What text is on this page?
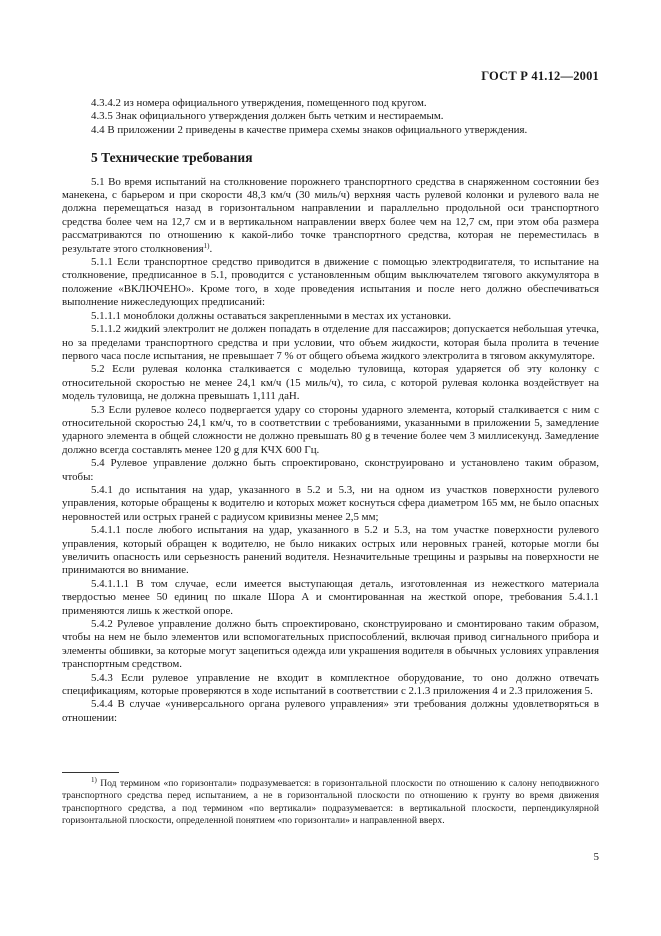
ГОСТ Р 41.12—2001

4.3.4.2 из номера официального утверждения, помещенного под кругом.

4.3.5 Знак официального утверждения должен быть четким и нестираемым.

4.4 В приложении 2 приведены в качестве примера схемы знаков официального утверждения.

5 Технические требования

5.1 Во время испытаний на столкновение порожнего транспортного средства в снаряженном состоянии без манекена, с барьером и при скорости 48,3 км/ч (30 миль/ч) верхняя часть рулевой колонки и рулевого вала не должна перемещаться назад в горизонтальном направлении и параллельно продольной оси транспортного средства более чем на 12,7 см и в вертикальном направлении вверх более чем на 12,7 см, при этом оба размера рассматриваются по отношению к какой-либо точке транспортного средства, которая не переместилась в результате этого столкновения$^{1)}$.

5.1.1 Если транспортное средство приводится в движение с помощью электродвигателя, то испытание на столкновение, предписанное в 5.1, проводится с установленным общим выключателем тягового аккумулятора в положение «ВКЛЮЧЕНО». Кроме того, в ходе проведения испытания и после него должно обеспечиваться выполнение нижеследующих предписаний:

5.1.1.1 моноблоки должны оставаться закрепленными в местах их установки.

5.1.1.2 жидкий электролит не должен попадать в отделение для пассажиров; допускается небольшая утечка, но за пределами транспортного средства и при условии, что объем жидкости, которая была пролита в течение первого часа после испытания, не превышает 7 % от общего объема жидкого электролита в тяговом аккумуляторе.

5.2 Если рулевая колонка сталкивается с моделью туловища, которая ударяется об эту колонку с относительной скоростью не менее 24,1 км/ч (15 миль/ч), то сила, с которой рулевая колонка воздействует на модель туловища, не должна превышать 1,111 даН.

5.3 Если рулевое колесо подвергается удару со стороны ударного элемента, который сталкивается с ним с относительной скоростью 24,1 км/ч, то в соответствии с требованиями, указанными в приложении 5, замедление ударного элемента в общей сложности не должно превышать 80 g в течение более чем 3 миллисекунд. Замедление должно всегда составлять менее 120 g для КЧХ 600 Гц.

5.4 Рулевое управление должно быть спроектировано, сконструировано и установлено таким образом, чтобы:

5.4.1 до испытания на удар, указанного в 5.2 и 5.3, ни на одном из участков поверхности рулевого управления, которые обращены к водителю и которых может коснуться сфера диаметром 165 мм, не было опасных неровностей или острых граней с радиусом кривизны менее 2,5 мм;

5.4.1.1 после любого испытания на удар, указанного в 5.2 и 5.3, на том участке поверхности рулевого управления, который обращен к водителю, не было никаких острых или неровных граней, которые могли бы увеличить опасность или серьезность ранений водителя. Незначительные трещины и разрывы на поверхности не принимаются во внимание.

5.4.1.1.1 В том случае, если имеется выступающая деталь, изготовленная из нежесткого материала твердостью менее 50 единиц по шкале Шора А и смонтированная на жесткой опоре, требования 5.4.1.1 применяются лишь к жесткой опоре.

5.4.2 Рулевое управление должно быть спроектировано, сконструировано и смонтировано таким образом, чтобы на нем не было элементов или вспомогательных приспособлений, включая привод сигнального прибора и элементы обшивки, за которые могут зацепиться одежда или украшения водителя в обычных условиях управления транспортным средством.

5.4.3 Если рулевое управление не входит в комплектное оборудование, то оно должно отвечать спецификациям, которые проверяются в ходе испытаний в соответствии с 2.1.3 приложения 4 и 2.3 приложения 5.

5.4.4 В случае «универсального органа рулевого управления» эти требования должны удовлетворяться в отношении:

$^{1)}$ Под термином «по горизонтали» подразумевается: в горизонтальной плоскости по отношению к салону неподвижного транспортного средства перед испытанием, а не в горизонтальной плоскости по отношению к грунту во время движения транспортного средства, а под термином «по вертикали» подразумевается: в вертикальной плоскости, перпендикулярной горизонтальной плоскости, определенной понятием «по горизонтали» и направленной вверх.

5
